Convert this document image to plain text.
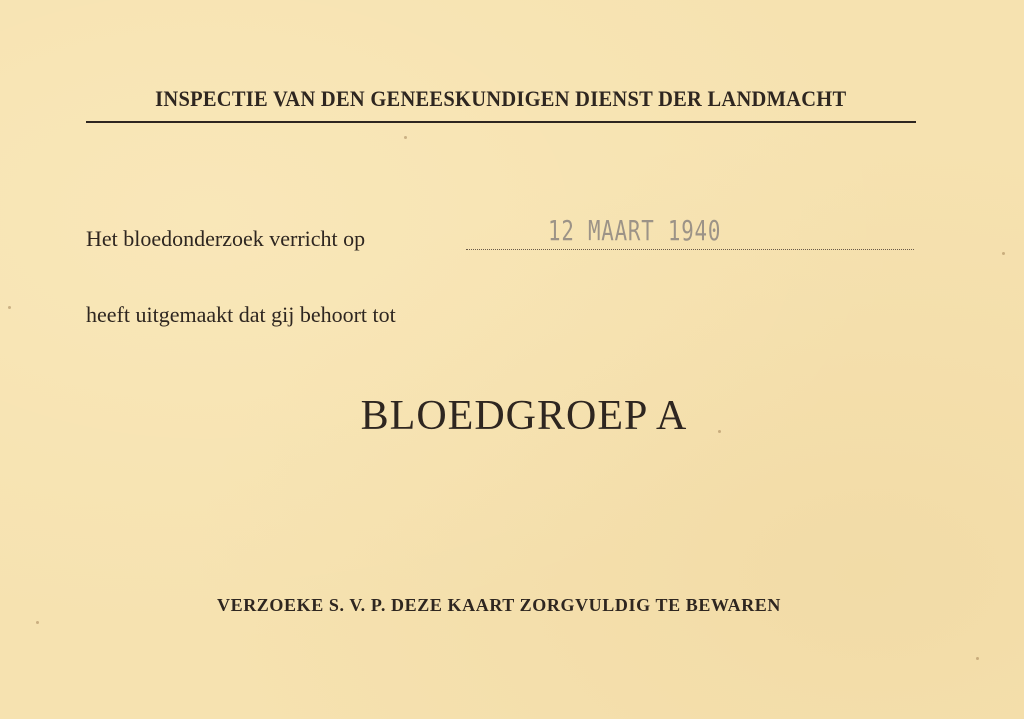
INSPECTIE VAN DEN GENEESKUNDIGEN DIENST DER LANDMACHT
Het bloedonderzoek verricht op	12 MAART 1940
heeft uitgemaakt dat gij behoort tot
BLOEDGROEP A
VERZOEKE S. V. P. DEZE KAART ZORGVULDIG TE BEWAREN
